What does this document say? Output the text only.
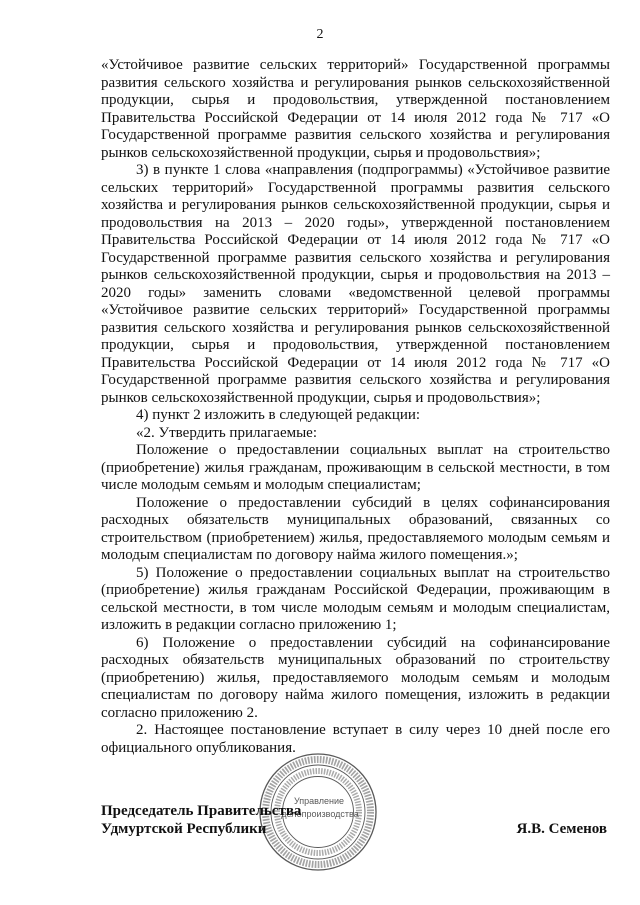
2
«Устойчивое развитие сельских территорий» Государственной программы
развития сельского хозяйства и регулирования рынков сельскохозяйственной
продукции, сырья и продовольствия, утвержденной постановлением
Правительства Российской Федерации от 14 июля 2012 года № 717 «О
Государственной программе развития сельского хозяйства и регулирования
рынков сельскохозяйственной продукции, сырья и продовольствия»;
3) в пункте 1 слова «направления (подпрограммы) «Устойчивое развитие
сельских территорий» Государственной программы развития сельского
хозяйства и регулирования рынков сельскохозяйственной продукции, сырья и
продовольствия на 2013 – 2020 годы», утвержденной постановлением
Правительства Российской Федерации от 14 июля 2012 года № 717 «О
Государственной программе развития сельского хозяйства и регулирования
рынков сельскохозяйственной продукции, сырья и продовольствия на 2013 –
2020 годы» заменить словами «ведомственной целевой программы
«Устойчивое развитие сельских территорий» Государственной программы
развития сельского хозяйства и регулирования рынков сельскохозяйственной
продукции, сырья и продовольствия, утвержденной постановлением
Правительства Российской Федерации от 14 июля 2012 года № 717 «О
Государственной программе развития сельского хозяйства и регулирования
рынков сельскохозяйственной продукции, сырья и продовольствия»;
4) пункт 2 изложить в следующей редакции:
«2. Утвердить прилагаемые:
Положение о предоставлении социальных выплат на строительство
(приобретение) жилья гражданам, проживающим в сельской местности, в том
числе молодым семьям и молодым специалистам;
Положение о предоставлении субсидий в целях софинансирования
расходных обязательств муниципальных образований, связанных со
строительством (приобретением) жилья, предоставляемого молодым семьям и
молодым специалистам по договору найма жилого помещения.»;
5) Положение о предоставлении социальных выплат на строительство
(приобретение) жилья гражданам Российской Федерации, проживающим в
сельской местности, в том числе молодым семьям и молодым специалистам,
изложить в редакции согласно приложению 1;
6) Положение о предоставлении субсидий на софинансирование
расходных обязательств муниципальных образований по строительству
(приобретению) жилья, предоставляемого молодым семьям и молодым
специалистам по договору найма жилого помещения, изложить в редакции
согласно приложению 2.
2. Настоящее постановление вступает в силу через 10 дней после его
официального опубликования.
Председатель Правительства
Удмуртской Республики	Я.В. Семенов
Управление
делопроизводства
